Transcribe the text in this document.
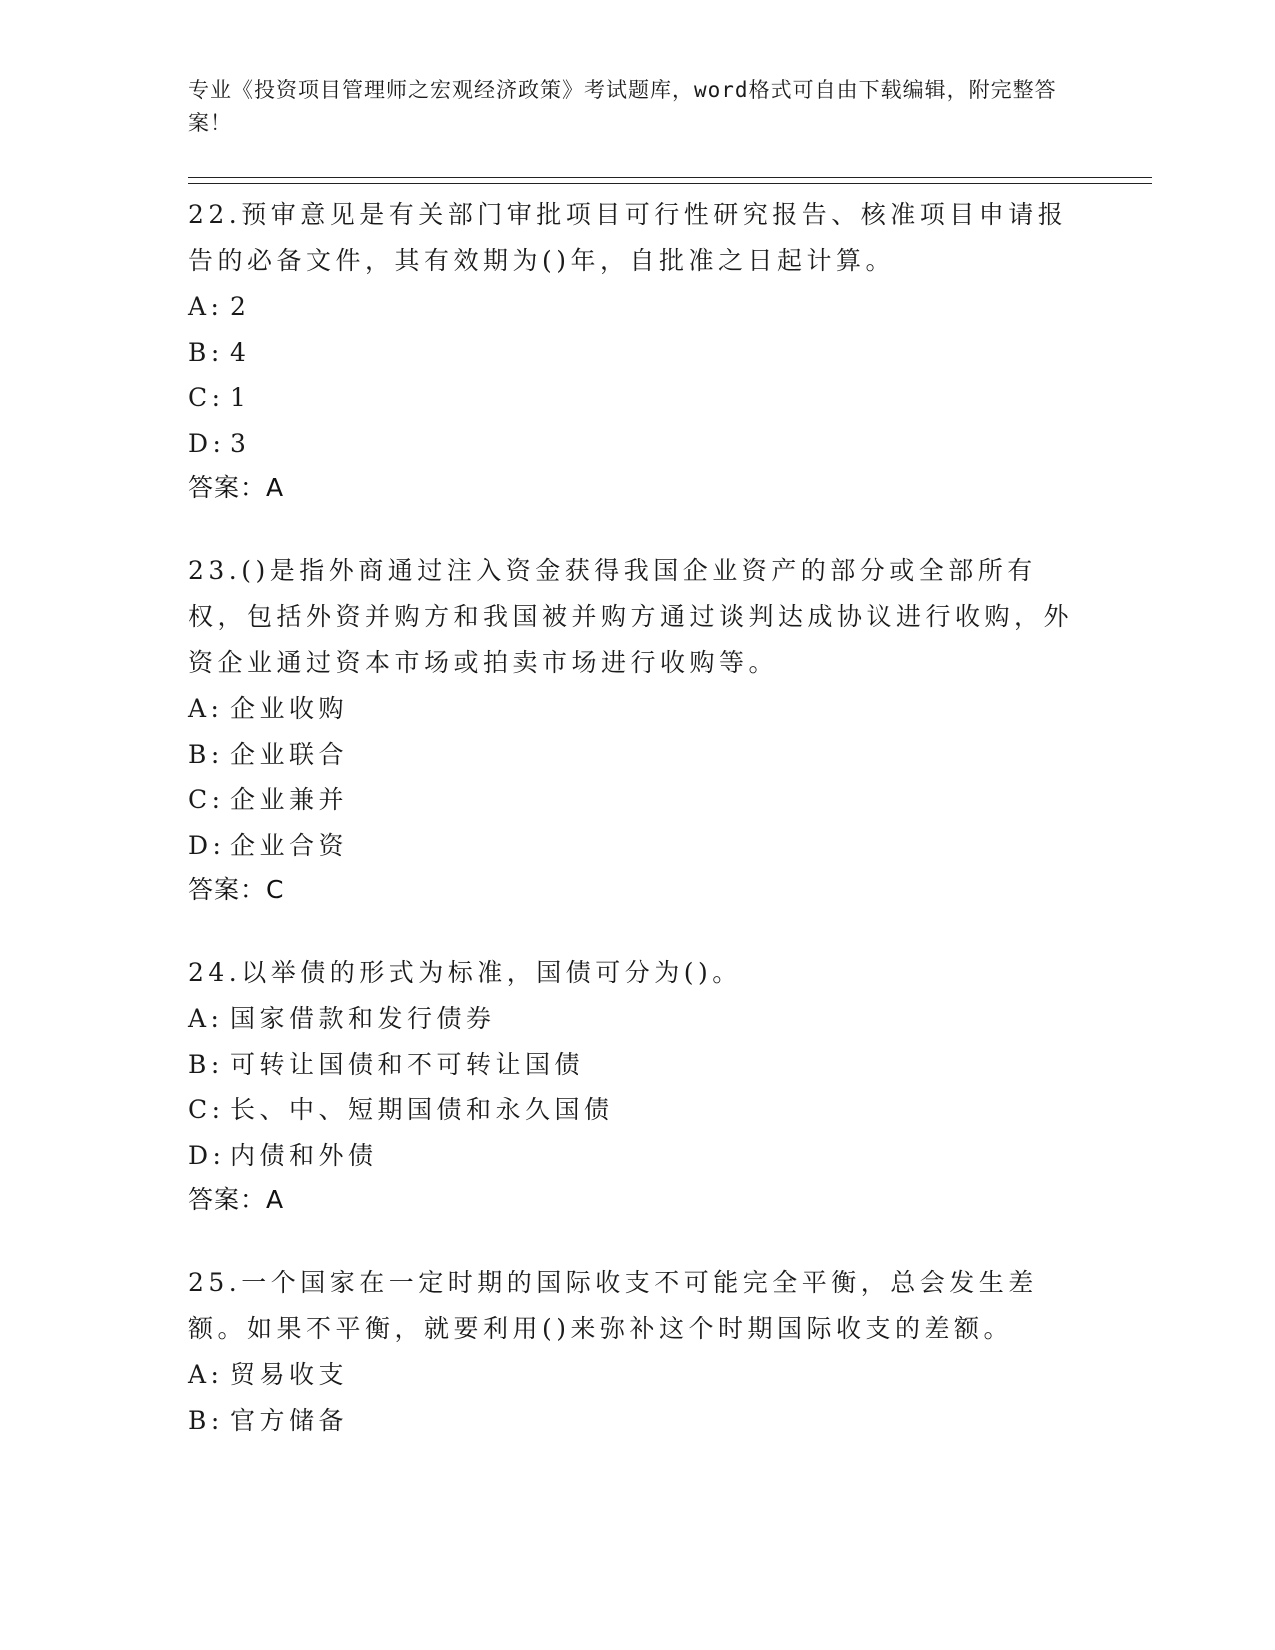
专业《投资项目管理师之宏观经济政策》考试题库，word格式可自由下载编辑，附完整答案！
22.预审意见是有关部门审批项目可行性研究报告、核准项目申请报告的必备文件，其有效期为()年，自批准之日起计算。
A: 2
B: 4
C: 1
D: 3
答案：A
23.()是指外商通过注入资金获得我国企业资产的部分或全部所有权，包括外资并购方和我国被并购方通过谈判达成协议进行收购，外资企业通过资本市场或拍卖市场进行收购等。
A: 企业收购
B: 企业联合
C: 企业兼并
D: 企业合资
答案：C
24.以举债的形式为标准，国债可分为()。
A: 国家借款和发行债券
B: 可转让国债和不可转让国债
C: 长、中、短期国债和永久国债
D: 内债和外债
答案：A
25.一个国家在一定时期的国际收支不可能完全平衡，总会发生差额。如果不平衡，就要利用()来弥补这个时期国际收支的差额。
A: 贸易收支
B: 官方储备
